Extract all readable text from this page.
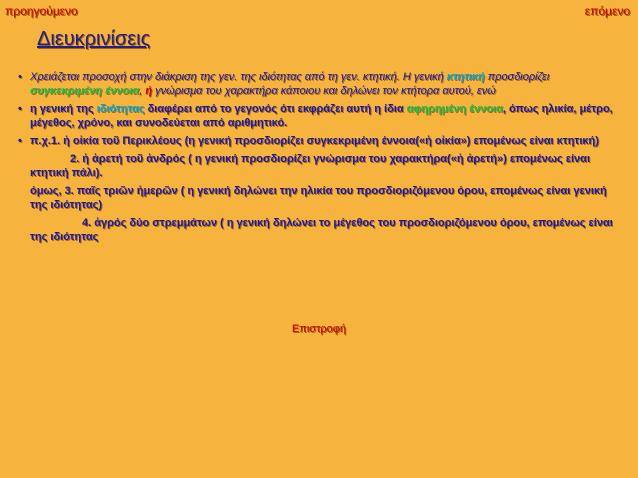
προηγούμενο	επόμενο
Διευκρινίσεις

• Χρειάζεται προσοχή στην διάκριση της γεν. της ιδιότητας από τη γεν. κτητική. Η γενική κτητική προσδιορίζει συγκεκριμένη έννοια, ή γνώρισμα του χαρακτήρα κάποιου και δηλώνει τον κτήτορα αυτού, ενώ

• η γενική της ιδιότητας διαφέρει από το γεγονός ότι εκφράζει αυτή η ίδια αφηρημένη έννοια, όπως ηλικία, μέτρο, μέγεθος, χρόνο, και συνοδεύεται από αριθμητικό.

• π.χ.1. ἡ οἰκία τοῦ Περικλέους (η γενική προσδιορίζει συγκεκριμένη έννοια(«ἡ οἰκία») επομένως είναι κτητική)

2. ἡ ἀρετή τοῦ ἀνδρός ( η γενική προσδιορίζει γνώρισμα του χαρακτήρα(«ἡ ἀρετή») επομένως είναι κτητική πάλι).

όμως, 3. παῖς τριῶν ἡμερῶν ( η γενική δηλώνει την ηλικία του προσδιοριζόμενου όρου, επομένως είναι γενική της ιδιότητας)

4. ἀγρός δύο στρεμμάτων ( η γενική δηλώνει το μέγεθος του προσδιοριζόμενου όρου, επομένως είναι της ιδιότητας

Επιστροφή
